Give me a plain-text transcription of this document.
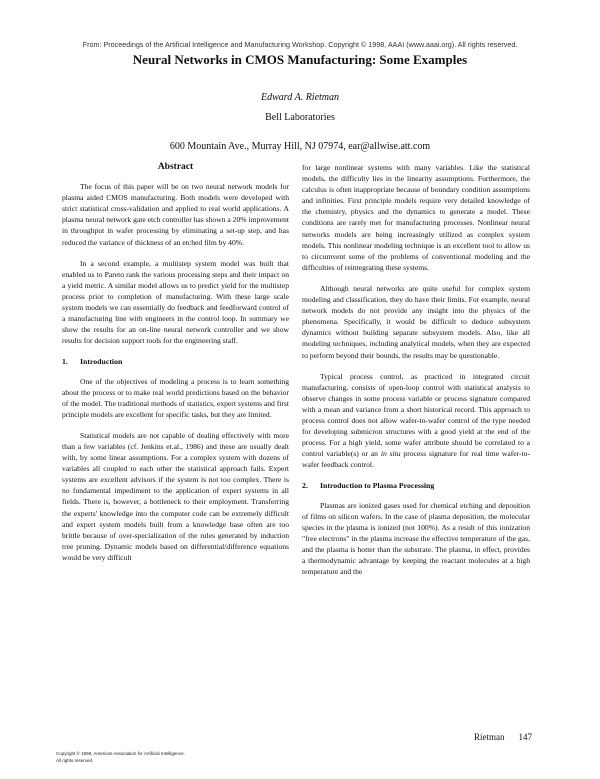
From: Proceedings of the Artificial Intelligence and Manufacturing Workshop. Copyright © 1998, AAAI (www.aaai.org). All rights reserved.
Neural Networks in CMOS Manufacturing: Some Examples
Edward A. Rietman
Bell Laboratories
600 Mountain Ave., Murray Hill, NJ 07974, ear@allwise.att.com
Abstract

The focus of this paper will be on two neural network models for plasma aided CMOS manufacturing. Both models were developed with strict statistical cross-validation and applied to real world applications. A plasma neural network gate etch controller has shown a 20% improvement in throughput in wafer processing by eliminating a set-up step, and has reduced the variance of thickness of an etched film by 40%.

In a second example, a multistep system model was built that enabled us to Pareto rank the various processing steps and their impact on a yield metric. A similar model allows us to predict yield for the multistep process prior to completion of manufacturing. With these large scale system models we can essentially do feedback and feedforward control of a manufacturing line with engineers in the control loop. In summary we show the results for an on-line neural network controller and we show results for decision support tools for the engineering staff.

1. Introduction

One of the objectives of modeling a process is to learn something about the process or to make real world predictions based on the behavior of the model. The traditional methods of statistics, expert systems and first principle models are excellent for specific tasks, but they are limited.

Statistical models are not capable of dealing effectively with more than a few variables (cf. Jenkins et.al., 1986) and these are usually dealt with, by some linear assumptions. For a complex system with dozens of variables all coupled to each other the statistical approach fails. Expert systems are excellent advisors if the system is not too complex. There is no fundamental impediment to the application of expert systems in all fields. There is, however, a bottleneck to their employment. Transferring the experts' knowledge into the computer code can be extremely difficult and expert system models built from a knowledge base often are too brittle because of over-specialization of the rules generated by induction tree pruning. Dynamic models based on differential/difference equations would be very difficult

for large nonlinear systems with many variables. Like the statistical models, the difficulty lies in the linearity assumptions. Furthermore, the calculus is often inappropriate because of boundary condition assumptions and infinities. First principle models require very detailed knowledge of the chemistry, physics and the dynamics to generate a model. These conditions are rarely met for manufacturing processes. Nonlinear neural networks models are being increasingly utilized as complex system models. This nonlinear modeling technique is an excellent tool to allow us to circumvent some of the problems of conventional modeling and the difficulties of reintegrating these systems.

Although neural networks are quite useful for complex system modeling and classification, they do have their limits. For example, neural network models do not provide any insight into the physics of the phenomena. Specifically, it would be difficult to deduce subsystem dynamics without building separate subsystem models. Also, like all modeling techniques, including analytical models, when they are expected to perform beyond their bounds, the results may be questionable.

Typical process control, as practiced in integrated circuit manufacturing, consists of open-loop control with statistical analysis to observe changes in some process variable or process signature compared with a mean and variance from a short historical record. This approach to process control does not allow wafer-to-wafer control of the type needed for developing submicron structures with a good yield at the end of the process. For a high yield, some wafer attribute should be correlated to a control variable(s) or an in situ process signature for real time wafer-to-wafer feedback control.

2. Introduction to Plasma Processing

Plasmas are ionized gases used for chemical etching and deposition of films on silicon wafers. In the case of plasma deposition, the molecular species in the plasma is ionized (not 100%). As a result of this ionization "free electrons" in the plasma increase the effective temperature of the gas, and the plasma is hotter than the substrate. The plasma, in effect, provides a thermodynamic advantage by keeping the reactant molecules at a high temperature and the

Copyright © 1998, American Association for Artificial Intelligence.
All rights reserved.
Rietman 147
